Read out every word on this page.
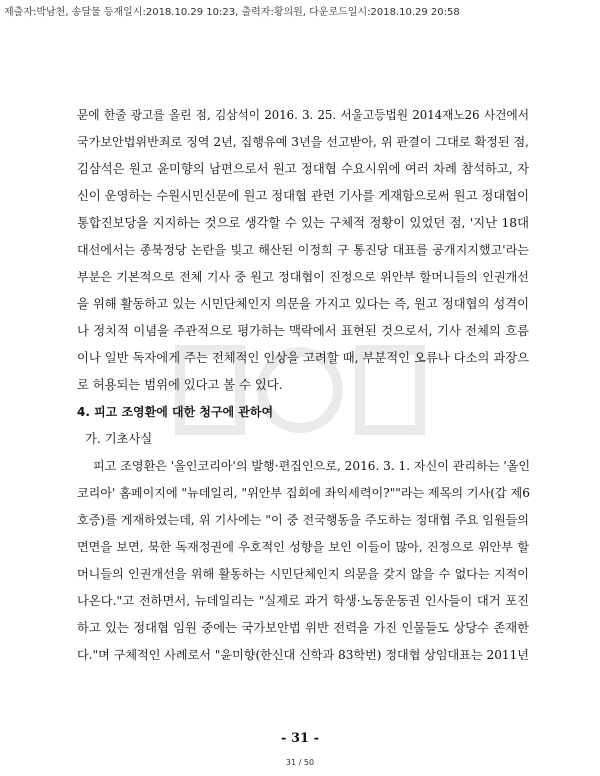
제출자:박남천, 송달물 등재일시:2018.10.29 10:23, 출력자:황의원, 다운로드일시:2018.10.29 20:58
문에 한줄 광고를 올린 점, 김삼석이 2016. 3. 25. 서울고등법원 2014재노26 사건에서
국가보안법위반죄로 징역 2년, 집행유예 3년을 선고받아, 위 판결이 그대로 확정된 점,
김삼석은 원고 윤미향의 남편으로서 원고 정대협 수요시위에 여러 차례 참석하고, 자
신이 운영하는 수원시민신문에 원고 정대협 관련 기사를 게재함으로써 원고 정대협이
통합진보당을 지지하는 것으로 생각할 수 있는 구체적 정황이 있었던 점, '지난 18대
대선에서는 종북정당 논란을 빚고 해산된 이정희 구 통진당 대표를 공개지지했고'라는
부분은 기본적으로 전체 기사 중 원고 정대협이 진정으로 위안부 할머니들의 인권개선
을 위해 활동하고 있는 시민단체인지 의문을 가지고 있다는 즉, 원고 정대협의 성격이
나 정치적 이념을 주관적으로 평가하는 맥락에서 표현된 것으로서, 기사 전체의 흐름
이나 일반 독자에게 주는 전체적인 인상을 고려할 때, 부분적인 오류나 다소의 과장으
로 허용되는 범위에 있다고 볼 수 있다.
4. 피고 조영환에 대한 청구에 관하여
가. 기초사실
피고 조영환은 '올인코리아'의 발행·편집인으로, 2016. 3. 1. 자신이 관리하는 '올인
코리아' 홈페이지에 "뉴데일리, "위안부 집회에 좌익세력이?""라는 제목의 기사(갑 제6
호증)를 게재하였는데, 위 기사에는 "이 중 전국행동을 주도하는 정대협 주요 임원들의
면면을 보면, 북한 독재정권에 우호적인 성향을 보인 이들이 많아, 진정으로 위안부 할
머니들의 인권개선을 위해 활동하는 시민단체인지 의문을 갖지 않을 수 없다는 지적이
나온다."고 전하면서, 뉴데일리는 "실제로 과거 학생·노동운동권 인사들이 대거 포진
하고 있는 정대협 임원 중에는 국가보안법 위반 전력을 가진 인물들도 상당수 존재한
다."며 구체적인 사례로서 "윤미향(한신대 신학과 83학번) 정대협 상임대표는 2011년
- 31 -
31 / 50
